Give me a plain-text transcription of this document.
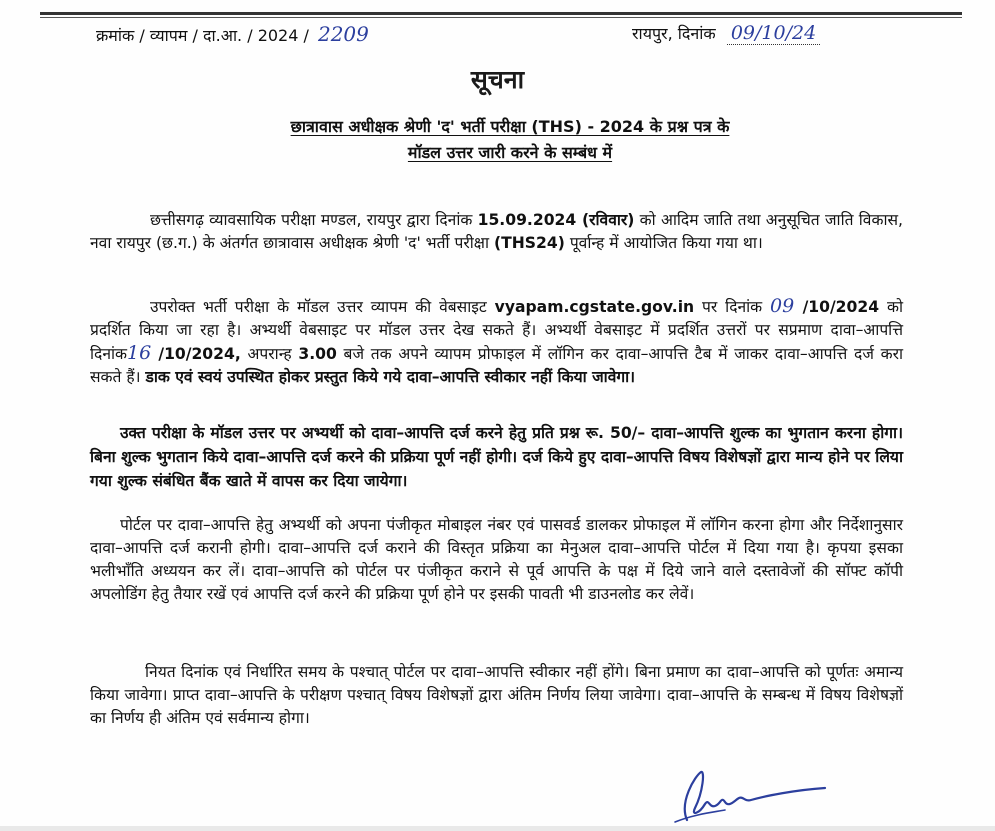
क्रमांक / व्यापम / दा.आ. / 2024 / 2209	रायपुर, दिनांक 09/10/24
सूचना
छात्रावास अधीक्षक श्रेणी 'द' भर्ती परीक्षा (THS) - 2024 के प्रश्न पत्र के
मॉडल उत्तर जारी करने के सम्बंध में

छत्तीसगढ़ व्यावसायिक परीक्षा मण्डल, रायपुर द्वारा दिनांक 15.09.2024 (रविवार) को आदिम जाति तथा अनुसूचित जाति विकास, नवा रायपुर (छ.ग.) के अंतर्गत छात्रावास अधीक्षक श्रेणी 'द' भर्ती परीक्षा (THS24) पूर्वान्ह में आयोजित किया गया था।

उपरोक्त भर्ती परीक्षा के मॉडल उत्तर व्यापम की वेबसाइट vyapam.cgstate.gov.in पर दिनांक 09 /10/2024 को प्रदर्शित किया जा रहा है। अभ्यर्थी वेबसाइट पर मॉडल उत्तर देख सकते हैं। अभ्यर्थी वेबसाइट में प्रदर्शित उत्तरों पर सप्रमाण दावा–आपत्ति दिनांक16 /10/2024, अपरान्ह 3.00 बजे तक अपने व्यापम प्रोफाइल में लॉगिन कर दावा–आपत्ति टैब में जाकर दावा–आपत्ति दर्ज करा सकते हैं। डाक एवं स्वयं उपस्थित होकर प्रस्तुत किये गये दावा–आपत्ति स्वीकार नहीं किया जावेगा।

उक्त परीक्षा के मॉडल उत्तर पर अभ्यर्थी को दावा–आपत्ति दर्ज करने हेतु प्रति प्रश्न रू. 50/– दावा–आपत्ति शुल्क का भुगतान करना होगा। बिना शुल्क भुगतान किये दावा–आपत्ति दर्ज करने की प्रक्रिया पूर्ण नहीं होगी। दर्ज किये हुए दावा–आपत्ति विषय विशेषज्ञों द्वारा मान्य होने पर लिया गया शुल्क संबंधित बैंक खाते में वापस कर दिया जायेगा।

पोर्टल पर दावा–आपत्ति हेतु अभ्यर्थी को अपना पंजीकृत मोबाइल नंबर एवं पासवर्ड डालकर प्रोफाइल में लॉगिन करना होगा और निर्देशानुसार दावा–आपत्ति दर्ज करानी होगी। दावा–आपत्ति दर्ज कराने की विस्तृत प्रक्रिया का मेनुअल दावा–आपत्ति पोर्टल में दिया गया है। कृपया इसका भलीभाँति अध्ययन कर लें। दावा–आपत्ति को पोर्टल पर पंजीकृत कराने से पूर्व आपत्ति के पक्ष में दिये जाने वाले दस्तावेजों की सॉफ्ट कॉपी अपलोडिंग हेतु तैयार रखें एवं आपत्ति दर्ज करने की प्रक्रिया पूर्ण होने पर इसकी पावती भी डाउनलोड कर लेवें।

नियत दिनांक एवं निर्धारित समय के पश्चात् पोर्टल पर दावा–आपत्ति स्वीकार नहीं होंगे। बिना प्रमाण का दावा–आपत्ति को पूर्णतः अमान्य किया जावेगा। प्राप्त दावा–आपत्ति के परीक्षण पश्चात् विषय विशेषज्ञों द्वारा अंतिम निर्णय लिया जावेगा। दावा–आपत्ति के सम्बन्ध में विषय विशेषज्ञों का निर्णय ही अंतिम एवं सर्वमान्य होगा।
